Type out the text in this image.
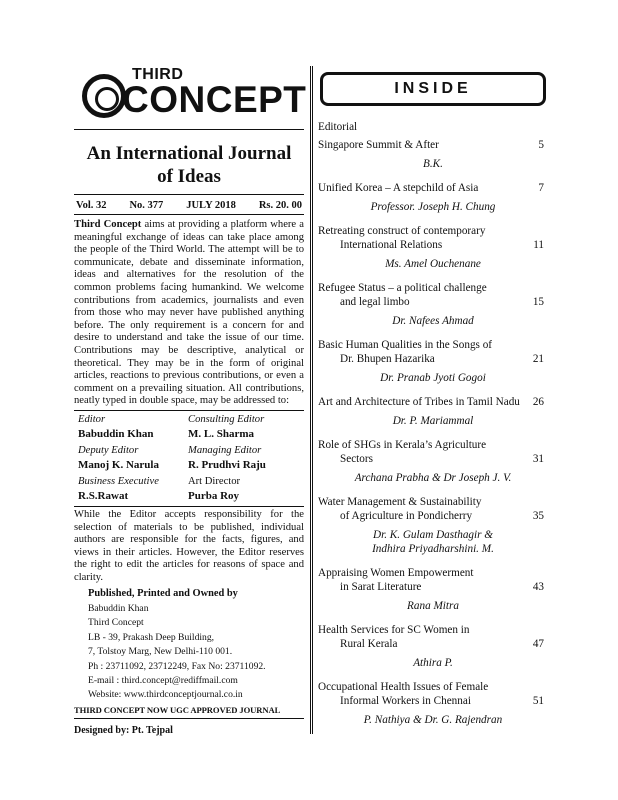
THIRD
CONCEPT
An International Journal
of Ideas
Vol. 32 No. 377 JULY 2018 Rs. 20. 00

Third Concept aims at providing a platform where a meaningful exchange of ideas can take place among the people of the Third World. The attempt will be to communicate, debate and disseminate information, ideas and alternatives for the resolution of the common problems facing humankind. We welcome contributions from academics, journalists and even from those who may never have published anything before. The only requirement is a concern for and desire to understand and take the issue of our time. Contributions may be descriptive, analytical or theoretical. They may be in the form of original articles, reactions to previous contributions, or even a comment on a prevailing situation. All contributions, neatly typed in double space, may be addressed to:

Editor	Consulting Editor
Babuddin Khan	M. L. Sharma
Deputy Editor	Managing Editor
Manoj K. Narula	R. Prudhvi Raju
Business Executive	Art Director
R.S.Rawat	Purba Roy

While the Editor accepts responsibility for the selection of materials to be published, individual authors are responsible for the facts, figures, and views in their articles. However, the Editor reserves the right to edit the articles for reasons of space and clarity.

Published, Printed and Owned by
Babuddin Khan
Third Concept
LB - 39, Prakash Deep Building,
7, Tolstoy Marg, New Delhi-110 001.
Ph : 23711092, 23712249, Fax No: 23711092.
E-mail : third.concept@rediffmail.com
Website: www.thirdconceptjournal.co.in
THIRD CONCEPT NOW UGC APPROVED JOURNAL
Designed by: Pt. Tejpal
INSIDE
Editorial
Singapore Summit & After	5
B.K.
Unified Korea – A stepchild of Asia	7
Professor. Joseph H. Chung
Retreating construct of contemporary
International Relations	11
Ms. Amel Ouchenane
Refugee Status – a political challenge
and legal limbo	15
Dr. Nafees Ahmad
Basic Human Qualities in the Songs of
Dr. Bhupen Hazarika	21
Dr. Pranab Jyoti Gogoi
Art and Architecture of Tribes in Tamil Nadu 26
Dr. P. Mariammal
Role of SHGs in Kerala’s Agriculture
Sectors	31
Archana Prabha & Dr Joseph J. V.
Water Management & Sustainability
of Agriculture in Pondicherry	35
Dr. K. Gulam Dasthagir &
Indhira Priyadharshini. M.
Appraising Women Empowerment
in Sarat Literature	43
Rana Mitra
Health Services for SC Women in
Rural Kerala	47
Athira P.
Occupational Health Issues of Female
Informal Workers in Chennai	51
P. Nathiya & Dr. G. Rajendran
